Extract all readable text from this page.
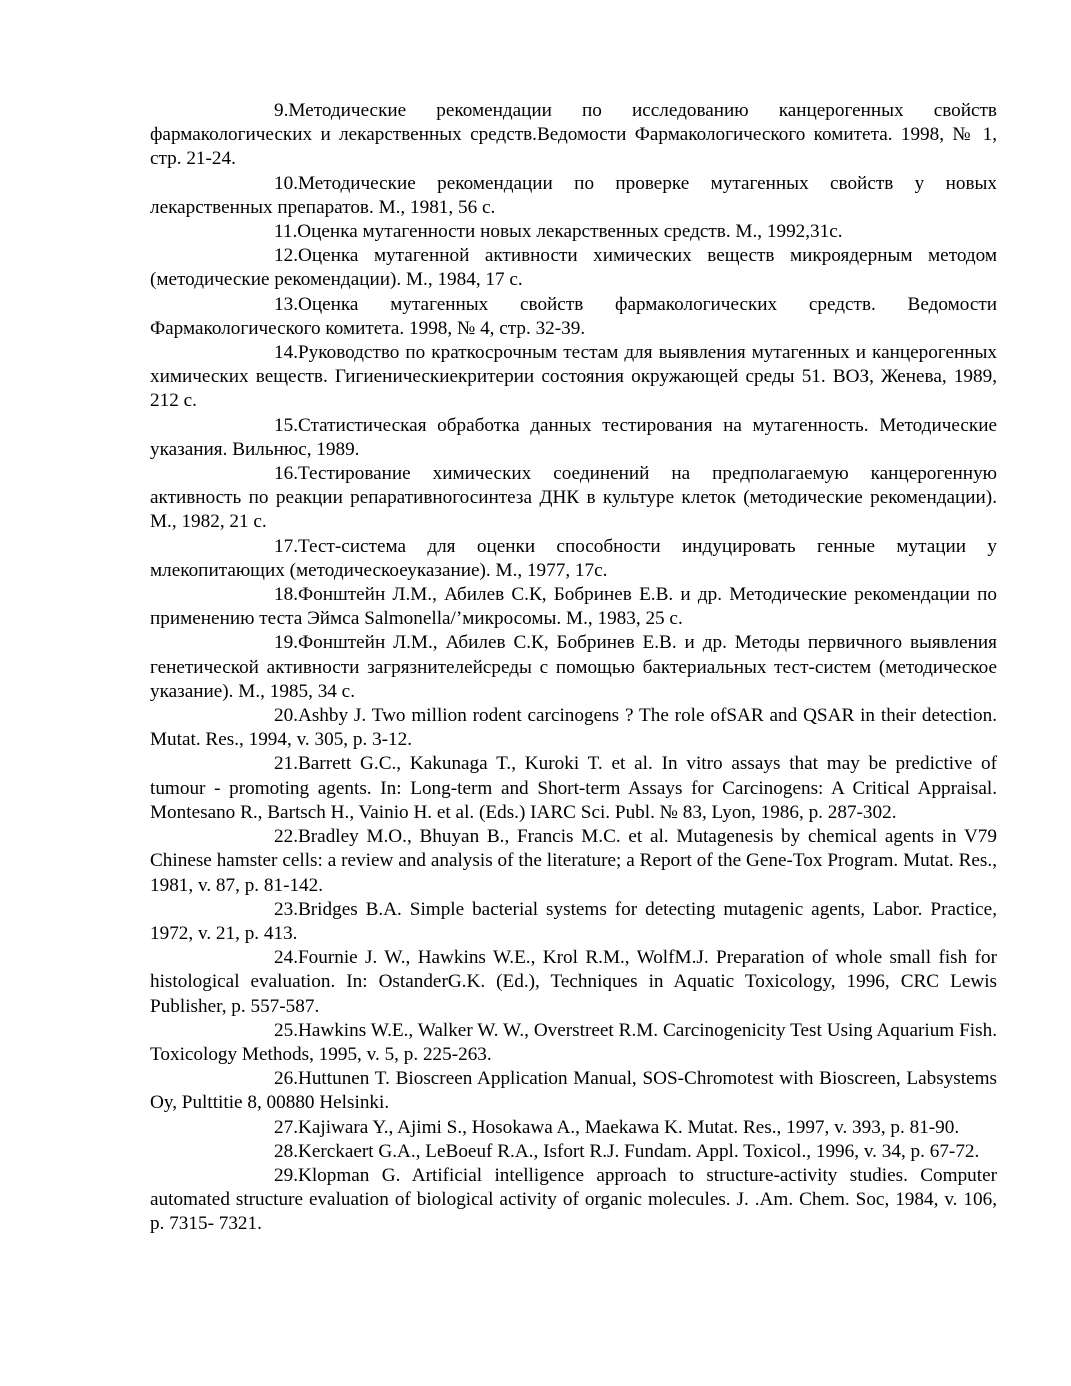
9.Методические рекомендации по исследованию канцерогенных свойств фармакологических и лекарственных средств.Ведомости Фармакологического комитета. 1998, № 1, стр. 21-24.

10.Методические рекомендации по проверке мутагенных свойств у новых лекарственных препаратов. М., 1981, 56 с.

11.Оценка мутагенности новых лекарственных средств. М., 1992,31с.

12.Оценка мутагенной активности химических веществ микроядерным методом (методические рекомендации). М., 1984, 17 с.

13.Оценка мутагенных свойств фармакологических средств. Ведомости Фармакологического комитета. 1998, № 4, стр. 32-39.

14.Руководство по краткосрочным тестам для выявления мутагенных и канцерогенных химических веществ. Гигиеническиекритерии состояния окружающей среды 51. ВОЗ, Женева, 1989, 212 с.

15.Статистическая обработка данных тестирования на мутагенность. Методические указания. Вильнюс, 1989.

16.Тестирование химических соединений на предполагаемую канцерогенную активность по реакции репаративногосинтеза ДНК в культуре клеток (методические рекомендации). М., 1982, 21 с.

17.Тест-система для оценки способности индуцировать генные мутации у млекопитающих (методическоеуказание). М., 1977, 17с.

18.Фонштейн Л.М., Абилев С.К, Бобринев Е.В. и др. Методические рекомендации по применению теста Эймса Salmonella/’микросомы. М., 1983, 25 с.

19.Фонштейн Л.М., Абилев С.К, Бобринев Е.В. и др. Методы первичного выявления генетической активности загрязнителейсреды с помощью бактериальных тест-систем (методическое указание). М., 1985, 34 с.

20.Ashby J. Two million rodent carcinogens ? The role ofSAR and QSAR in their detection. Mutat. Res., 1994, v. 305, p. 3-12.

21.Barrett G.C., Kakunaga T., Kuroki T. et al. In vitro assays that may be predictive of tumour - promoting agents. In: Long-term and Short-term Assays for Carcinogens: A Critical Appraisal. Montesano R., Bartsch H., Vainio H. et al. (Eds.) IARC Sci. Publ. № 83, Lyon, 1986, p. 287-302.

22.Bradley M.O., Bhuyan B., Francis M.C. et al. Mutagenesis by chemical agents in V79 Chinese hamster cells: a review and analysis of the literature; a Report of the Gene-Tox Program. Mutat. Res., 1981, v. 87, p. 81-142.

23.Bridges B.A. Simple bacterial systems for detecting mutagenic agents, Labor. Practice, 1972, v. 21, p. 413.

24.Fournie J. W., Hawkins W.E., Krol R.M., WolfM.J. Preparation of whole small fish for histological evaluation. In: OstanderG.K. (Ed.), Techniques in Aquatic Toxicology, 1996, CRC Lewis Publisher, p. 557-587.

25.Hawkins W.E., Walker W. W., Overstreet R.M. Carcinogenicity Test Using Aquarium Fish. Toxicology Methods, 1995, v. 5, p. 225-263.

26.Huttunen T. Bioscreen Application Manual, SOS-Chromotest with Bioscreen, Labsystems Oy, Pulttitie 8, 00880 Helsinki.

27.Kajiwara Y., Ajimi S., Hosokawa A., Maekawa K. Mutat. Res., 1997, v. 393, p. 81-90.

28.Kerckaert G.A., LeBoeuf R.A., Isfort R.J. Fundam. Appl. Toxicol., 1996, v. 34, p. 67-72.

29.Klopman G. Artificial intelligence approach to structure-activity studies. Computer automated structure evaluation of biological activity of organic molecules. J. .Am. Chem. Soc, 1984, v. 106, p. 7315- 7321.
